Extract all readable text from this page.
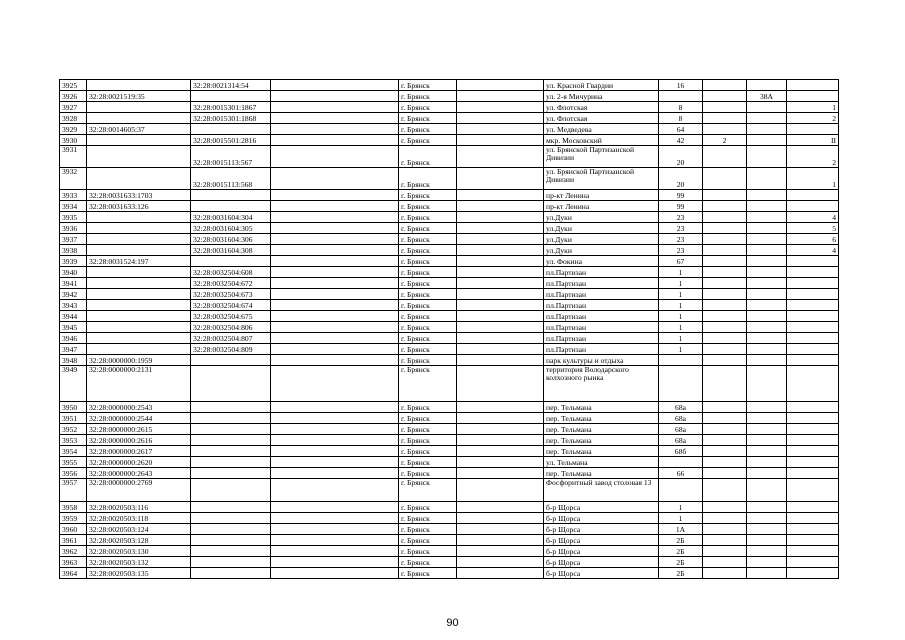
3925		32:28:0021314:54		г. Брянск		ул. Красной Гвардии	16			
3926	32:28:0021519:35			г. Брянск		ул. 2-я Мичурина			38А	
3927		32:28:0015301:1867		г. Брянск		ул. Флотская	8			1
3928		32:28:0015301:1868		г. Брянск		ул. Флотская	8			2
3929	32:28:0014605:37			г. Брянск		ул. Медведева	64			
3930		32:28:0015501:2816		г. Брянск		мкр. Московский	42	2		II
3931		32:28:0015113:567		г. Брянск		ул. Брянской Партизанской Дивизии	20			2
3932		32:28:0015113:568		г. Брянск		ул. Брянской Партизанской Дивизии	20			1
3933	32:28:0031633:1703			г. Брянск		пр-кт Ленина	99			
3934	32:28:0031633:126			г. Брянск		пр-кт Ленина	99			
3935		32:28:0031604:304		г. Брянск		ул.Дуки	23			4
3936		32:28:0031604:305		г. Брянск		ул.Дуки	23			5
3937		32:28:0031604:306		г. Брянск		ул.Дуки	23			6
3938		32:28:0031604:308		г. Брянск		ул.Дуки	23			4
3939	32:28:0031524:197			г. Брянск		ул. Фокина	67			
3940		32:28:0032504:608		г. Брянск		пл.Партизан	1			
3941		32:28:0032504:672		г. Брянск		пл.Партизан	1			
3942		32:28:0032504:673		г. Брянск		пл.Партизан	1			
3943		32:28:0032504:674		г. Брянск		пл.Партизан	1			
3944		32:28:0032504:675		г. Брянск		пл.Партизан	1			
3945		32:28:0032504:806		г. Брянск		пл.Партизан	1			
3946		32:28:0032504:807		г. Брянск		пл.Партизан	1			
3947		32:28:0032504:809		г. Брянск		пл.Партизан	1			
3948	32:28:0000000:1959			г. Брянск		парк культуры и отдыха				
3949	32:28:0000000:2131			г. Брянск		территория Володарского колхозного рынка				
3950	32:28:0000000:2543			г. Брянск		пер. Тельмана	68а			
3951	32:28:0000000:2544			г. Брянск		пер. Тельмана	68а			
3952	32:28:0000000:2615			г. Брянск		пер. Тельмана	68а			
3953	32:28:0000000:2616			г. Брянск		пер. Тельмана	68а			
3954	32:28:0000000:2617			г. Брянск		пер. Тельмана	68б			
3955	32:28:0000000:2620			г. Брянск		ул. Тельмана				
3956	32:28:0000000:2643			г. Брянск		пер. Тельмана	66			
3957	32:28:0000000:2769			г. Брянск		Фосфоритный завод столовая 13				
3958	32:28:0020503:116			г. Брянск		б-р Щорса	1			
3959	32:28:0020503:118			г. Брянск		б-р Щорса	1			
3960	32:28:0020503:124			г. Брянск		б-р Щорса	1А			
3961	32:28:0020503:128			г. Брянск		б-р Щорса	2Б			
3962	32:28:0020503:130			г. Брянск		б-р Щорса	2Б			
3963	32:28:0020503:132			г. Брянск		б-р Щорса	2Б			
3964	32:28:0020503:135			г. Брянск		б-р Щорса	2Б			
90
